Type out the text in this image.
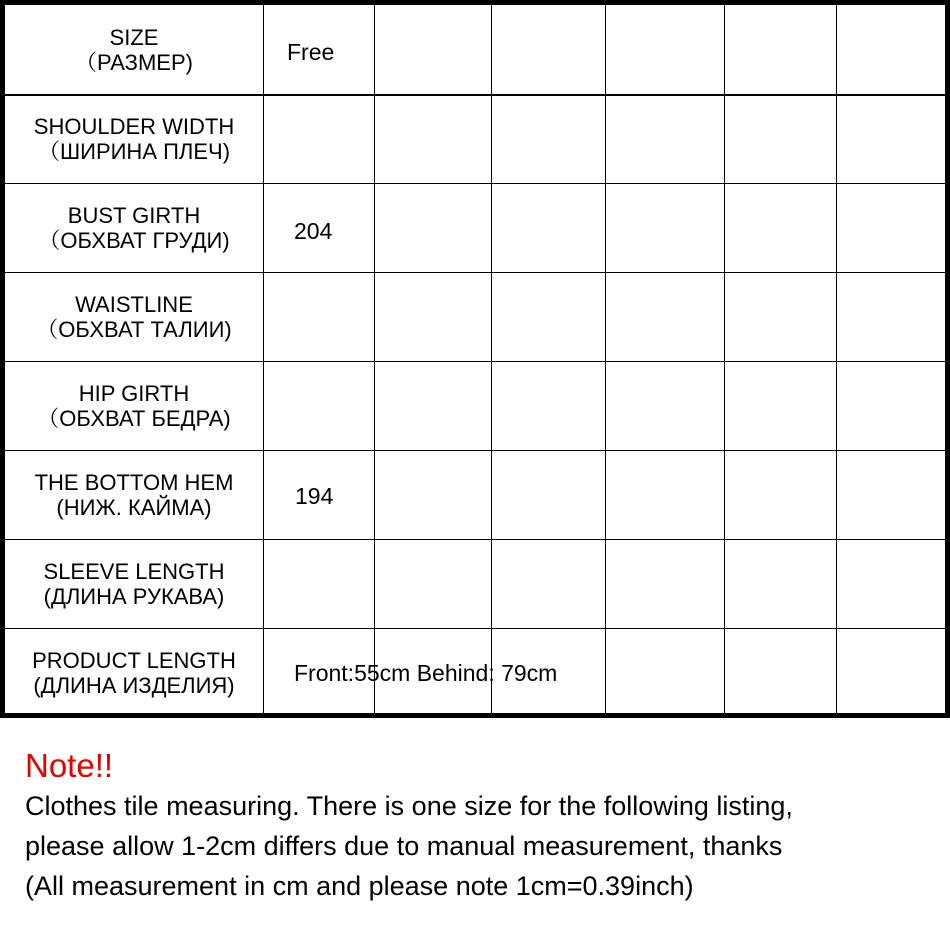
SIZE
（РАЗМЕР)	Free
SHOULDER WIDTH
（ШИРИНА ПЛЕЧ)
BUST GIRTH
（ОБХВАТ ГРУДИ)	204
WAISTLINE
（ОБХВАТ ТАЛИИ)
HIP GIRTH
（ОБХВАТ БЕДРА)
THE BOTTOM HEM
(НИЖ. КАЙМА)	194
SLEEVE LENGTH
(ДЛИНА РУКАВА)
PRODUCT LENGTH
(ДЛИНА ИЗДЕЛИЯ)	Front:55cm Behind: 79cm
Note!!
Clothes tile measuring. There is one size for the following listing,
please allow 1-2cm differs due to manual measurement, thanks
(All measurement in cm and please note 1cm=0.39inch)
